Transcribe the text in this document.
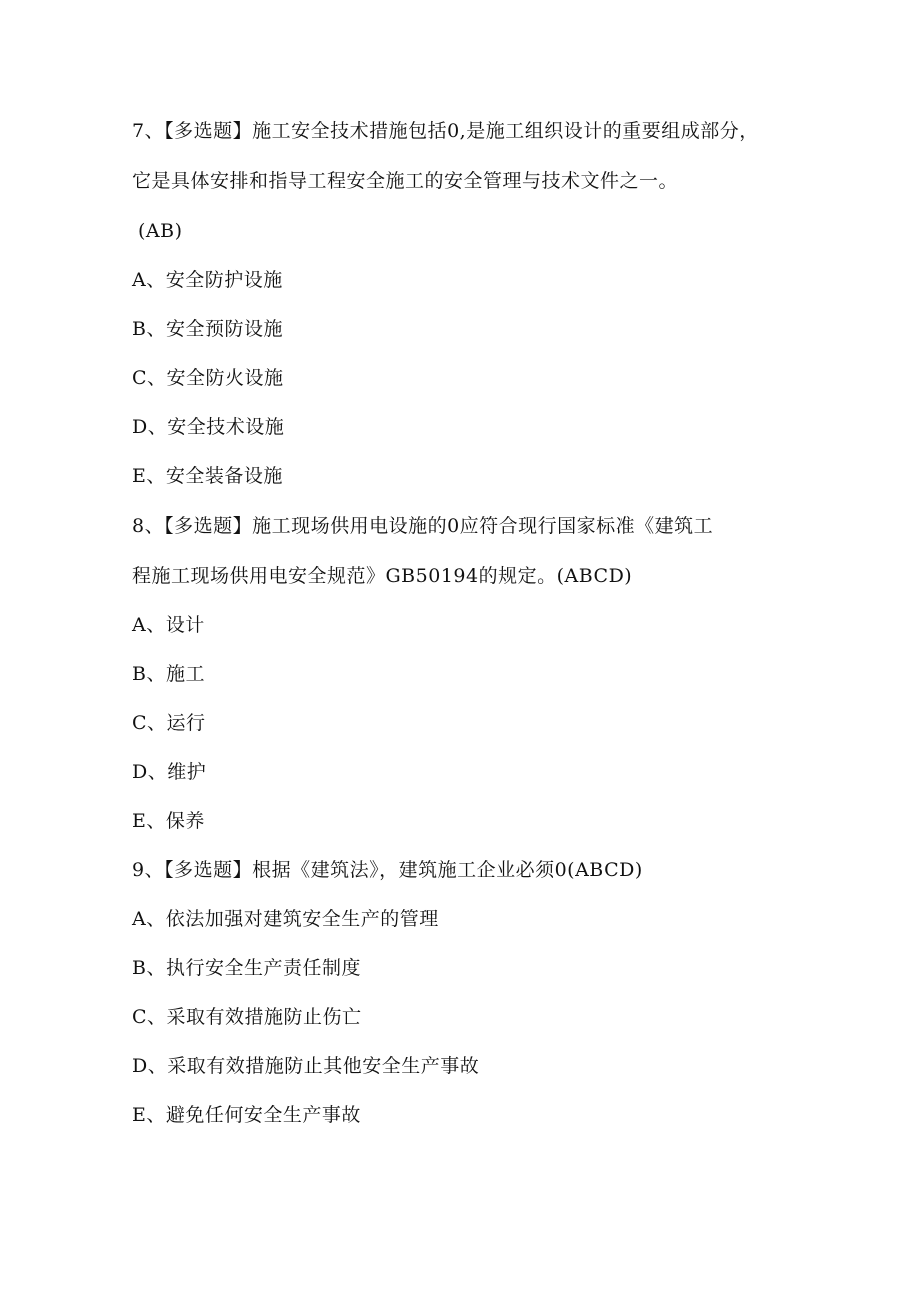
7、【多选题】施工安全技术措施包括0,是施工组织设计的重要组成部分，
它是具体安排和指导工程安全施工的安全管理与技术文件之一。
(AB)
A、安全防护设施
B、安全预防设施
C、安全防火设施
D、安全技术设施
E、安全装备设施
8、【多选题】施工现场供用电设施的0应符合现行国家标准《建筑工
程施工现场供用电安全规范》GB50194的规定。(ABCD)
A、设计
B、施工
C、运行
D、维护
E、保养
9、【多选题】根据《建筑法》，建筑施工企业必须0(ABCD)
A、依法加强对建筑安全生产的管理
B、执行安全生产责任制度
C、采取有效措施防止伤亡
D、采取有效措施防止其他安全生产事故
E、避免任何安全生产事故
